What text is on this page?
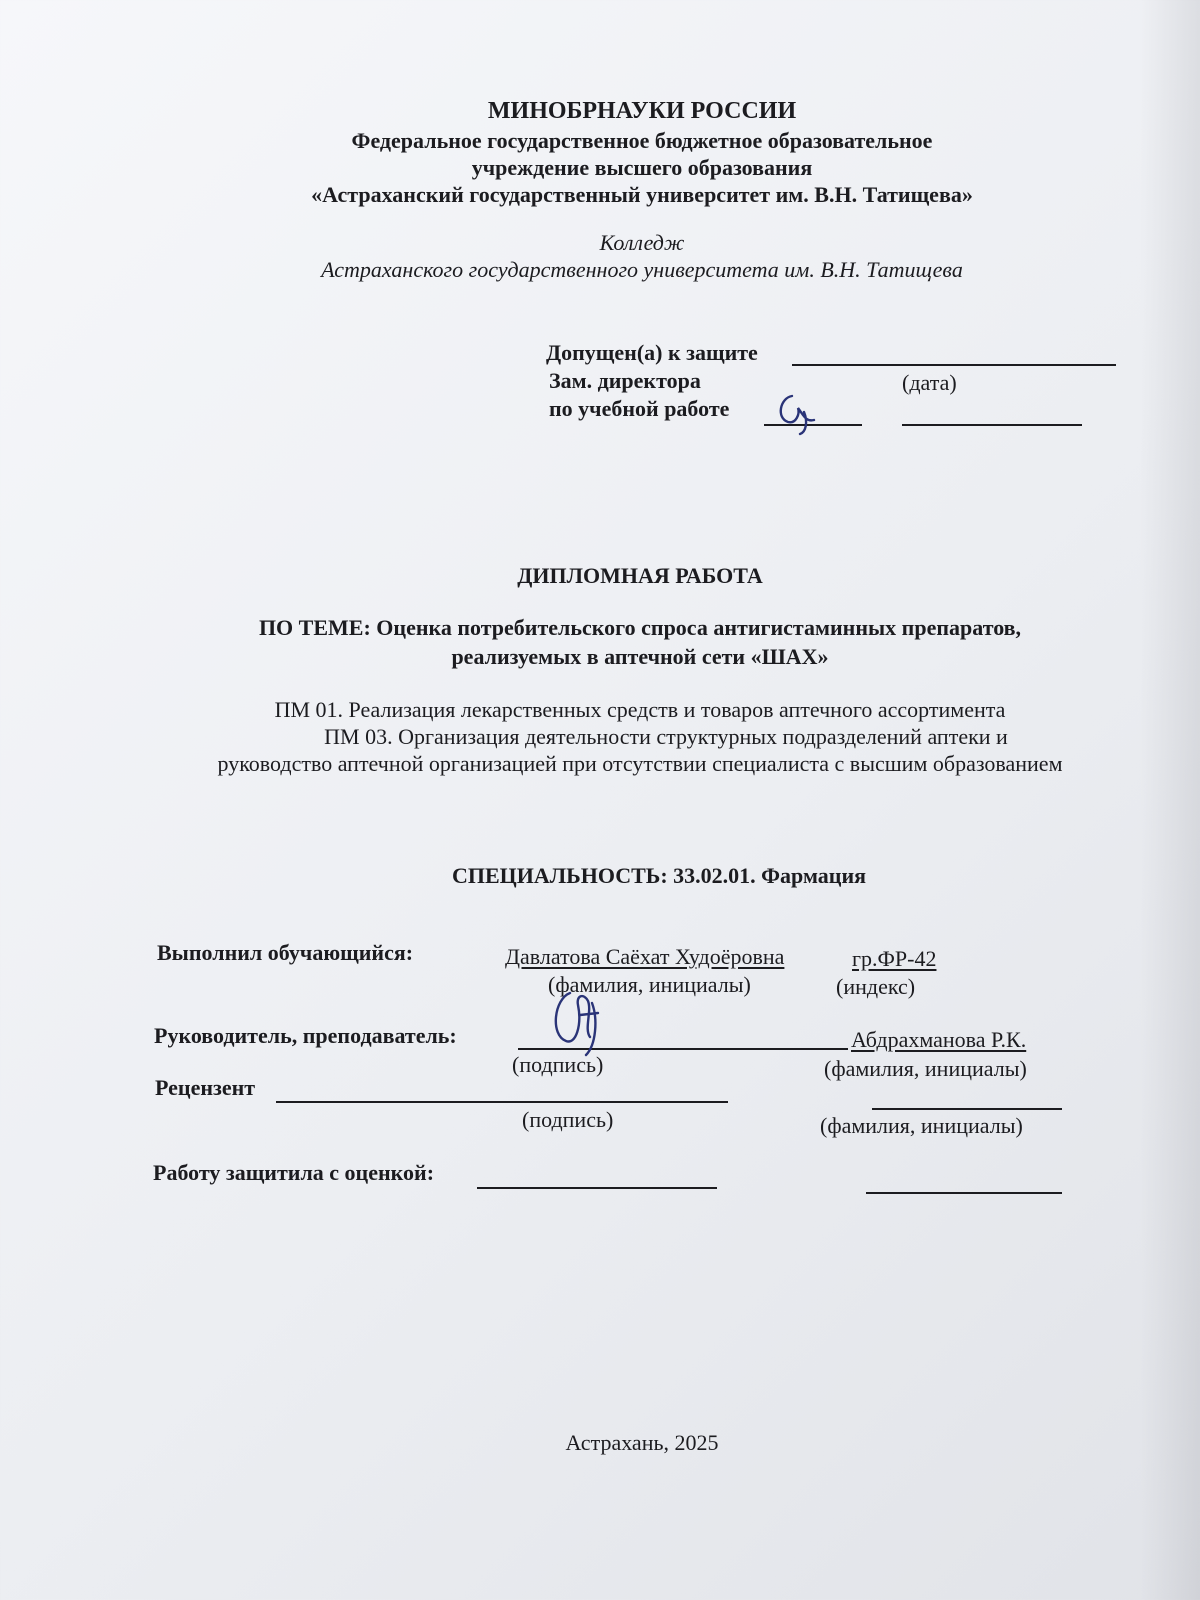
МИНОБРНАУКИ РОССИИ
Федеральное государственное бюджетное образовательное
учреждение высшего образования
«Астраханский государственный университет им. В.Н. Татищева»
Колледж
Астраханского государственного университета им. В.Н. Татищева
Допущен(а) к защите
Зам. директора	(дата)
по учебной работе
ДИПЛОМНАЯ РАБОТА
ПО ТЕМЕ: Оценка потребительского спроса антигистаминных препаратов,
реализуемых в аптечной сети «ШАХ»
ПМ 01. Реализация лекарственных средств и товаров аптечного ассортимента
ПМ 03. Организация деятельности структурных подразделений аптеки и
руководство аптечной организацией при отсутствии специалиста с высшим образованием
СПЕЦИАЛЬНОСТЬ: 33.02.01. Фармация
Выполнил обучающийся:	Давлатова Саёхат Худоёровна	гр.ФР-42
(фамилия, инициалы)	(индекс)
Руководитель, преподаватель:	Абдрахманова Р.К.
(подпись)	(фамилия, инициалы)
Рецензент
(подпись)	(фамилия, инициалы)
Работу защитила с оценкой:
Астрахань, 2025
